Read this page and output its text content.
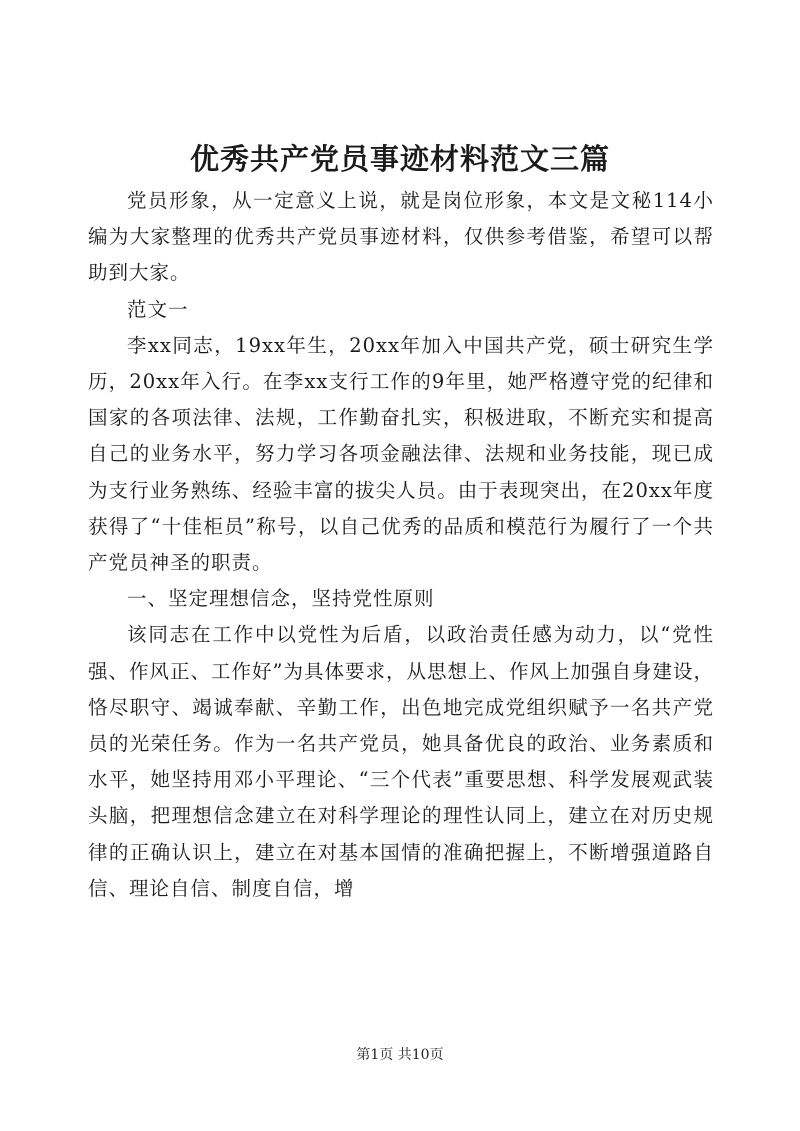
优秀共产党员事迹材料范文三篇

党员形象，从一定意义上说，就是岗位形象，本文是文秘114小编为大家整理的优秀共产党员事迹材料，仅供参考借鉴，希望可以帮助到大家。

范文一

李xx同志，19xx年生，20xx年加入中国共产党，硕士研究生学历，20xx年入行。在李xx支行工作的9年里，她严格遵守党的纪律和国家的各项法律、法规，工作勤奋扎实，积极进取，不断充实和提高自己的业务水平，努力学习各项金融法律、法规和业务技能，现已成为支行业务熟练、经验丰富的拔尖人员。由于表现突出，在20xx年度获得了“十佳柜员”称号，以自己优秀的品质和模范行为履行了一个共产党员神圣的职责。

一、坚定理想信念，坚持党性原则

该同志在工作中以党性为后盾，以政治责任感为动力，以“党性强、作风正、工作好”为具体要求，从思想上、作风上加强自身建设，恪尽职守、竭诚奉献、辛勤工作，出色地完成党组织赋予一名共产党员的光荣任务。作为一名共产党员，她具备优良的政治、业务素质和水平，她坚持用邓小平理论、“三个代表”重要思想、科学发展观武装头脑，把理想信念建立在对科学理论的理性认同上，建立在对历史规律的正确认识上，建立在对基本国情的准确把握上，不断增强道路自信、理论自信、制度自信，增

第1页 共10页
